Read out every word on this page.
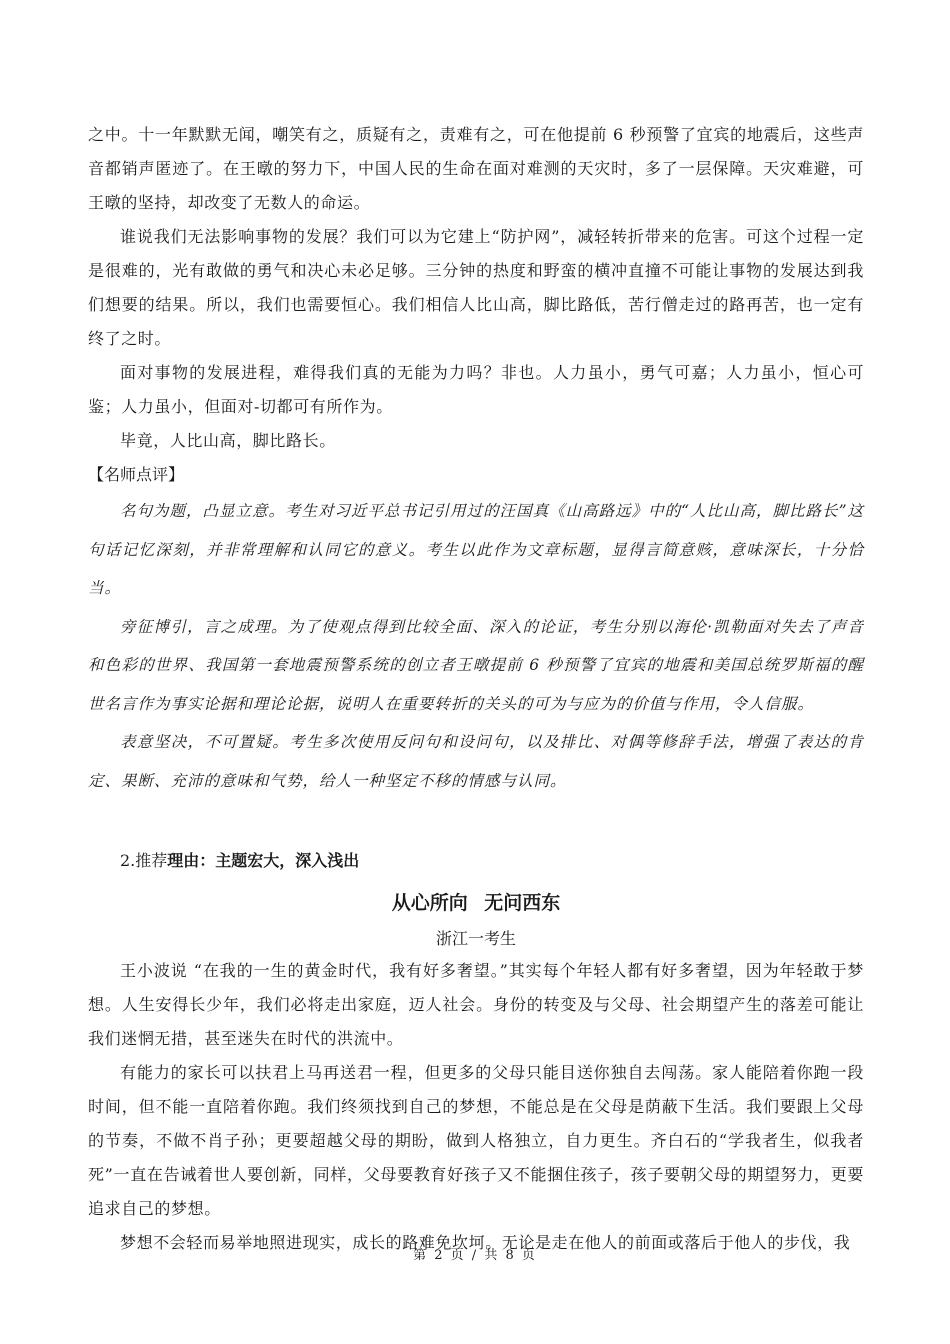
之中。十一年默默无闻，嘲笑有之，质疑有之，责难有之，可在他提前 6 秒预警了宜宾的地震后，这些声音都销声匿迹了。在王暾的努力下，中国人民的生命在面对难测的天灾时，多了一层保障。天灾难避，可王暾的坚持，却改变了无数人的命运。

谁说我们无法影响事物的发展？我们可以为它建上“防护网”，减轻转折带来的危害。可这个过程一定是很难的，光有敢做的勇气和决心未必足够。三分钟的热度和野蛮的横冲直撞不可能让事物的发展达到我们想要的结果。所以，我们也需要恒心。我们相信人比山高，脚比路低，苦行僧走过的路再苦，也一定有终了之时。

面对事物的发展进程，难得我们真的无能为力吗？非也。人力虽小，勇气可嘉；人力虽小，恒心可鉴；人力虽小，但面对-切都可有所作为。

毕竟，人比山高，脚比路长。

【名师点评】

名句为题，凸显立意。考生对习近平总书记引用过的汪国真《山高路远》中的“人比山高，脚比路长”这句话记忆深刻，并非常理解和认同它的意义。考生以此作为文章标题，显得言简意赅，意味深长，十分恰当。

旁征博引，言之成理。为了使观点得到比较全面、深入的论证，考生分别以海伦·凯勒面对失去了声音和色彩的世界、我国第一套地震预警系统的创立者王暾提前 6 秒预警了宜宾的地震和美国总统罗斯福的醒世名言作为事实论据和理论论据，说明人在重要转折的关头的可为与应为的价值与作用，令人信服。

表意坚决，不可置疑。考生多次使用反问句和设问句，以及排比、对偶等修辞手法，增强了表达的肯定、果断、充沛的意味和气势，给人一种坚定不移的情感与认同。

2.推荐理由：主题宏大，深入浅出

从心所向 无问西东

浙江一考生

王小波说 “在我的一生的黄金时代，我有好多奢望。”其实每个年轻人都有好多奢望，因为年轻敢于梦想。人生安得长少年，我们必将走出家庭，迈人社会。身份的转变及与父母、社会期望产生的落差可能让我们迷惘无措，甚至迷失在时代的洪流中。

有能力的家长可以扶君上马再送君一程，但更多的父母只能目送你独自去闯荡。家人能陪着你跑一段时间，但不能一直陪着你跑。我们终须找到自己的梦想，不能总是在父母是荫蔽下生活。我们要跟上父母的节奏，不做不肖子孙；更要超越父母的期盼，做到人格独立，自力更生。齐白石的“学我者生，似我者死”一直在告诫着世人要创新，同样，父母要教育好孩子又不能捆住孩子，孩子要朝父母的期望努力，更要追求自己的梦想。

梦想不会轻而易举地照进现实，成长的路难免坎坷。无论是走在他人的前面或落后于他人的步伐，我

第 2 页 / 共 8 页
